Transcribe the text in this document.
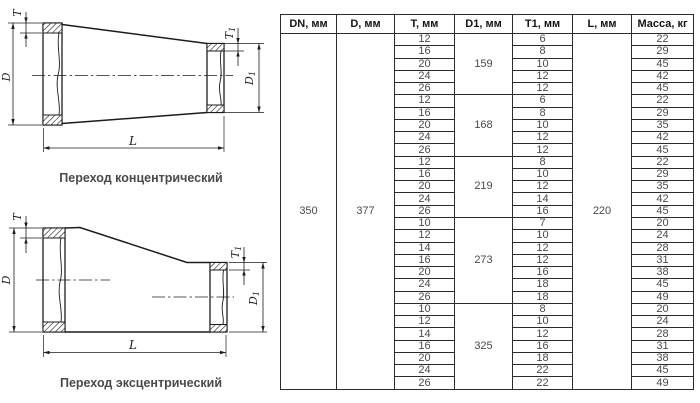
T
T1
D	D1
L
Переход концентрический
T
T1
D
D1
L
Переход эксцентрический
DN, мм	D, мм	T, мм	D1, мм	T1, мм	L, мм	Масса, кг
350	377	12	159	6	220	22
		16		8		29
		20		10		45
		24		12		42
		26		12		45
		12	168	6		22
		16		8		29
		20		10		35
		24		12		42
		26		12		45
		12	219	8		22
		16		10		29
		20		12		35
		24		14		42
		26		16		45
		10	273	7		20
		12		10		24
		14		12		28
		16		12		31
		20		16		38
		24		18		45
		26		18		49
		10	325	8		20
		12		10		24
		14		12		28
		16		16		31
		20		18		38
		24		22		45
		26		22		49
